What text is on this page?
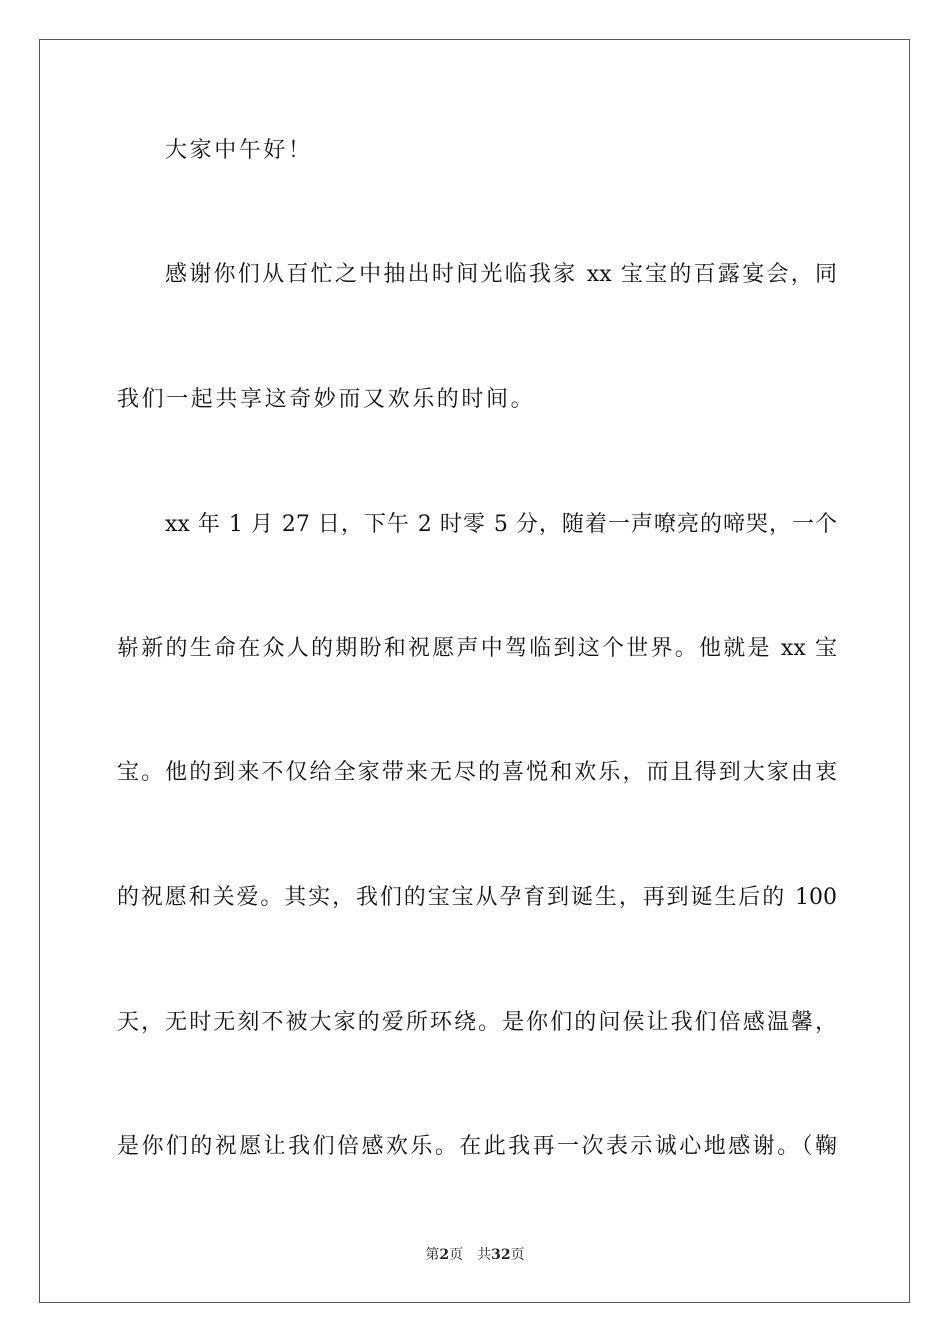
大家中午好！
感谢你们从百忙之中抽出时间光临我家 xx 宝宝的百露宴会，同
我们一起共享这奇妙而又欢乐的时间。
xx 年 1 月 27 日，下午 2 时零 5 分，随着一声嘹亮的啼哭，一个
崭新的生命在众人的期盼和祝愿声中驾临到这个世界。他就是 xx 宝
宝。他的到来不仅给全家带来无尽的喜悦和欢乐，而且得到大家由衷
的祝愿和关爱。其实，我们的宝宝从孕育到诞生，再到诞生后的 100
天，无时无刻不被大家的爱所环绕。是你们的问侯让我们倍感温馨，
是你们的祝愿让我们倍感欢乐。在此我再一次表示诚心地感谢。（鞠
第2页 共32页
